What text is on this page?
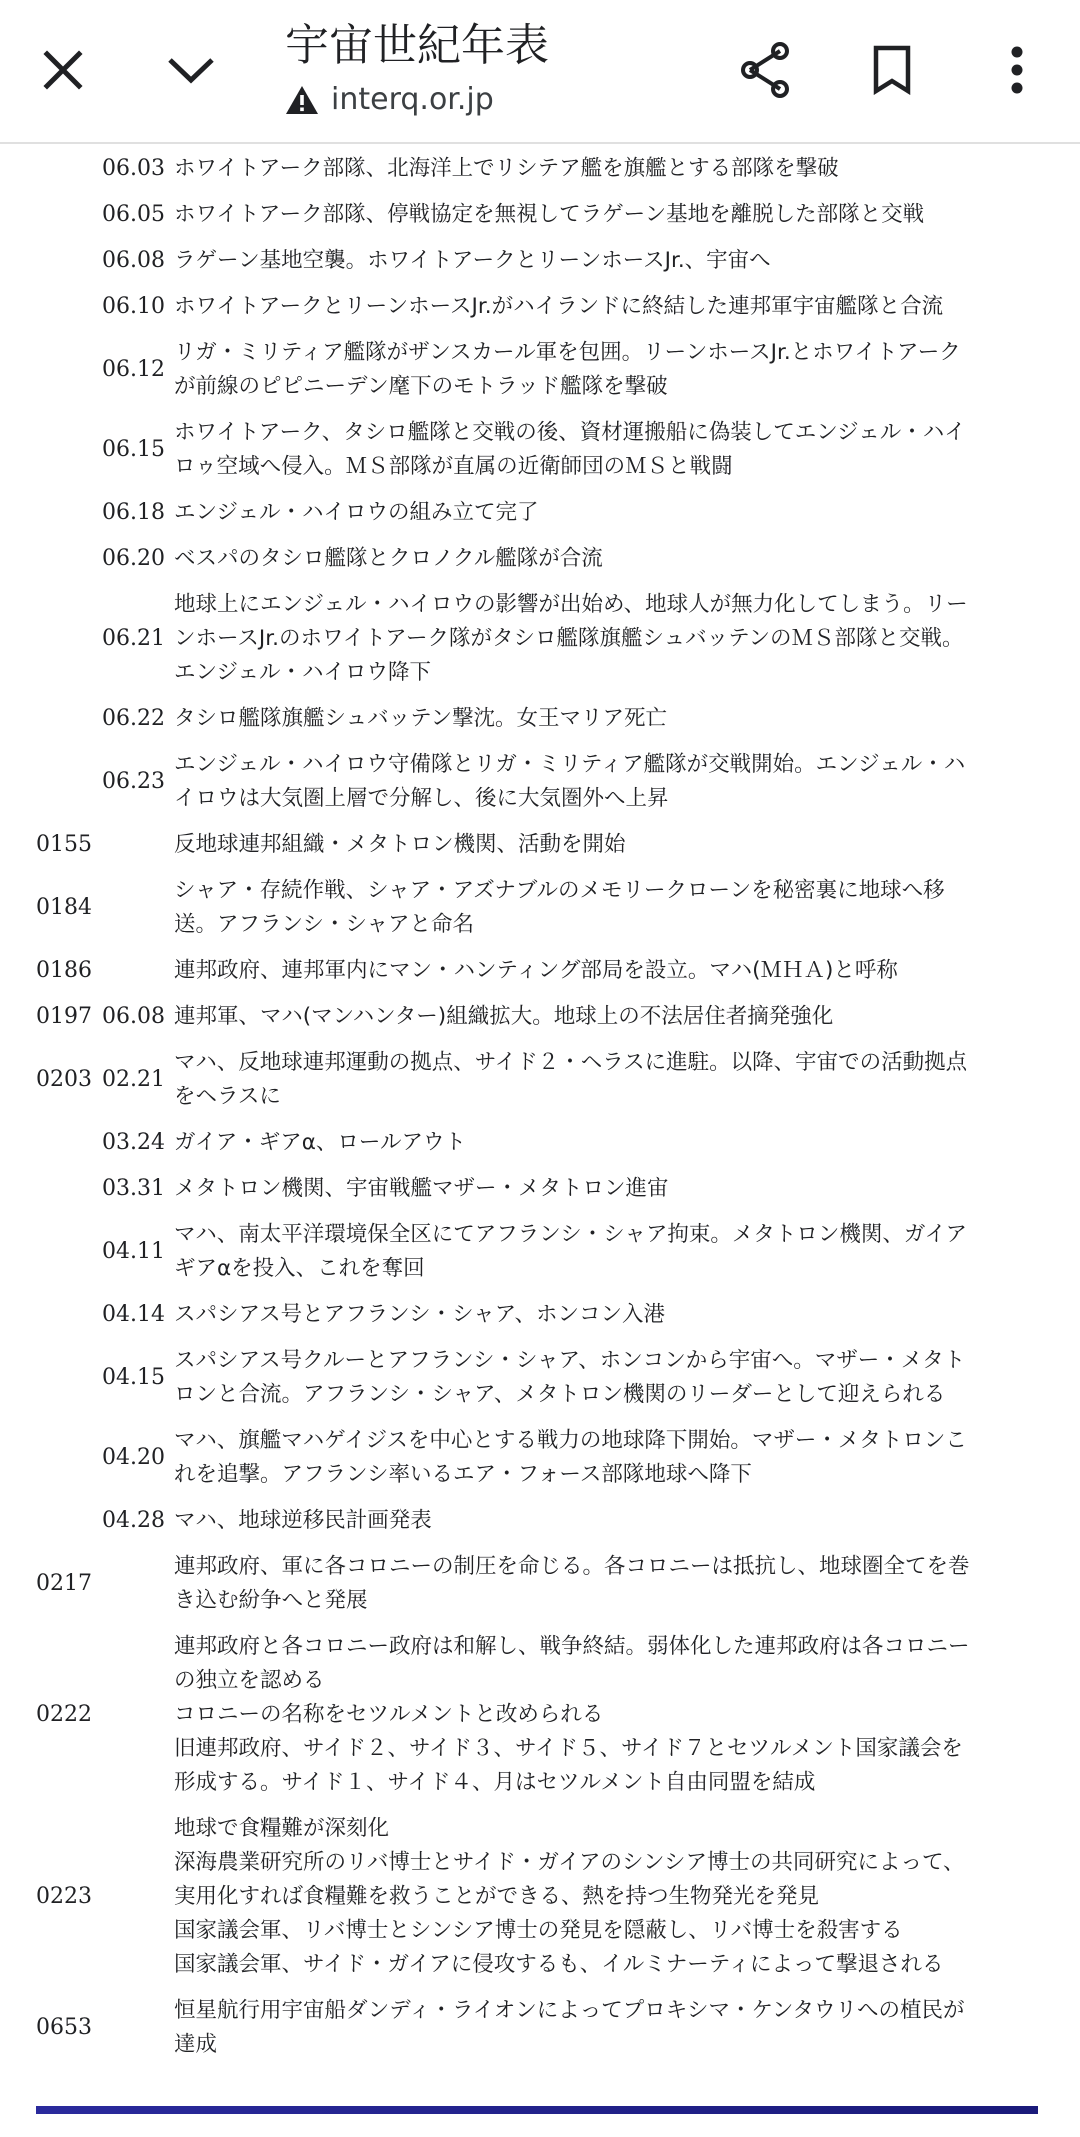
宇宙世紀年表
interq.or.jp
06.03 ホワイトアーク部隊、北海洋上でリシテア艦を旗艦とする部隊を撃破
06.05 ホワイトアーク部隊、停戦協定を無視してラゲーン基地を離脱した部隊と交戦
06.08 ラゲーン基地空襲。ホワイトアークとリーンホースJr.、宇宙へ
06.10 ホワイトアークとリーンホースJr.がハイランドに終結した連邦軍宇宙艦隊と合流
06.12
リガ・ミリティア艦隊がザンスカール軍を包囲。リーンホースJr.とホワイトアーク
が前線のピピニーデン麾下のモトラッド艦隊を撃破
06.15
ホワイトアーク、タシロ艦隊と交戦の後、資材運搬船に偽装してエンジェル・ハイ
ロゥ空域へ侵入。ＭＳ部隊が直属の近衛師団のＭＳと戦闘
06.18 エンジェル・ハイロウの組み立て完了
06.20 ベスパのタシロ艦隊とクロノクル艦隊が合流
06.21
地球上にエンジェル・ハイロウの影響が出始め、地球人が無力化してしまう。リー
ンホースJr.のホワイトアーク隊がタシロ艦隊旗艦シュバッテンのＭＳ部隊と交戦。
エンジェル・ハイロウ降下
06.22 タシロ艦隊旗艦シュバッテン撃沈。女王マリア死亡
06.23
エンジェル・ハイロウ守備隊とリガ・ミリティア艦隊が交戦開始。エンジェル・ハ
イロウは大気圏上層で分解し、後に大気圏外へ上昇
0155	反地球連邦組織・メタトロン機関、活動を開始
0184
シャア・存続作戦、シャア・アズナブルのメモリークローンを秘密裏に地球へ移
送。アフランシ・シャアと命名
0186	連邦政府、連邦軍内にマン・ハンティング部局を設立。マハ(ＭＨＡ)と呼称
0197 06.08 連邦軍、マハ(マンハンター)組織拡大。地球上の不法居住者摘発強化
0203 02.21
マハ、反地球連邦運動の拠点、サイド２・ヘラスに進駐。以降、宇宙での活動拠点
をヘラスに
03.24 ガイア・ギアα、ロールアウト
03.31 メタトロン機関、宇宙戦艦マザー・メタトロン進宙
04.11
マハ、南太平洋環境保全区にてアフランシ・シャア拘束。メタトロン機関、ガイア
ギアαを投入、これを奪回
04.14 スパシアス号とアフランシ・シャア、ホンコン入港
04.15
スパシアス号クルーとアフランシ・シャア、ホンコンから宇宙へ。マザー・メタト
ロンと合流。アフランシ・シャア、メタトロン機関のリーダーとして迎えられる
04.20
マハ、旗艦マハゲイジスを中心とする戦力の地球降下開始。マザー・メタトロンこ
れを追撃。アフランシ率いるエア・フォース部隊地球へ降下
04.28 マハ、地球逆移民計画発表
0217
連邦政府、軍に各コロニーの制圧を命じる。各コロニーは抵抗し、地球圏全てを巻
き込む紛争へと発展
0222
連邦政府と各コロニー政府は和解し、戦争終結。弱体化した連邦政府は各コロニー
の独立を認める
コロニーの名称をセツルメントと改められる
旧連邦政府、サイド２、サイド３、サイド５、サイド７とセツルメント国家議会を
形成する。サイド１、サイド４、月はセツルメント自由同盟を結成
0223
地球で食糧難が深刻化
深海農業研究所のリバ博士とサイド・ガイアのシンシア博士の共同研究によって、
実用化すれば食糧難を救うことができる、熱を持つ生物発光を発見
国家議会軍、リバ博士とシンシア博士の発見を隠蔽し、リバ博士を殺害する
国家議会軍、サイド・ガイアに侵攻するも、イルミナーティによって撃退される
0653
恒星航行用宇宙船ダンディ・ライオンによってプロキシマ・ケンタウリへの植民が
達成
